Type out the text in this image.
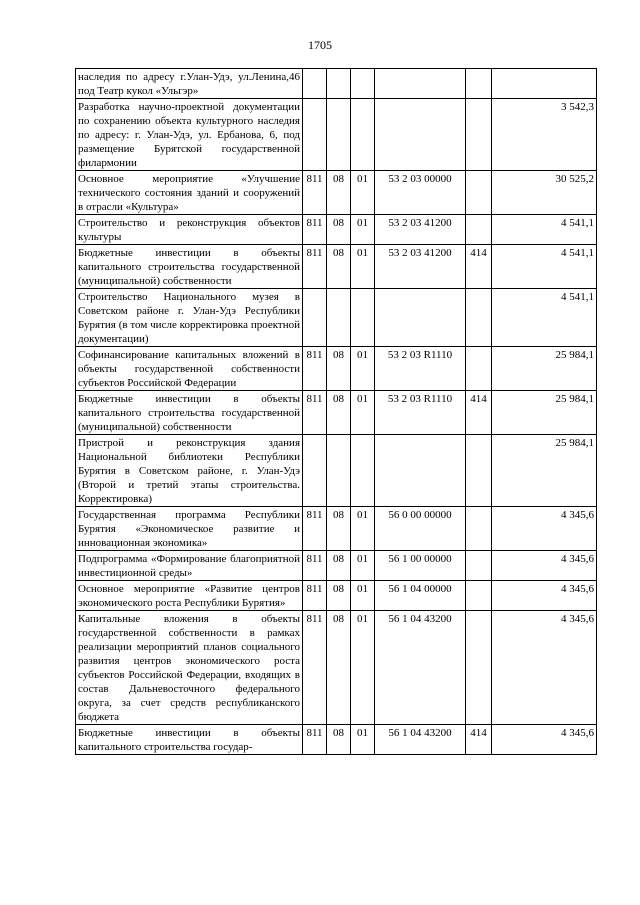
1705
наследия по адресу г.Улан-Удэ, ул.Ленина,46 под Театр кукол «Ульгэр»						
Разработка научно-проектной документации по сохранению объекта культурного наследия по адресу: г. Улан-Удэ, ул. Ербанова, 6, под размещение Бурятской государственной филармонии						3 542,3
Основное мероприятие «Улучшение технического состояния зданий и сооружений в отрасли «Культура»	811	08	01	53 2 03 00000		30 525,2
Строительство и реконструкция объектов культуры	811	08	01	53 2 03 41200		4 541,1
Бюджетные инвестиции в объекты капитального строительства государственной (муниципальной) собственности	811	08	01	53 2 03 41200	414	4 541,1
Строительство Национального музея в Советском районе г. Улан-Удэ Республики Бурятия (в том числе корректировка проектной документации)						4 541,1
Софинансирование капитальных вложений в объекты государственной собственности субъектов Российской Федерации	811	08	01	53 2 03 R1110		25 984,1
Бюджетные инвестиции в объекты капитального строительства государственной (муниципальной) собственности	811	08	01	53 2 03 R1110	414	25 984,1
Пристрой и реконструкция здания Национальной библиотеки Республики Бурятия в Советском районе, г. Улан-Удэ (Второй и третий этапы строительства. Корректировка)						25 984,1
Государственная программа Республики Бурятия «Экономическое развитие и инновационная экономика»	811	08	01	56 0 00 00000		4 345,6
Подпрограмма «Формирование благоприятной инвестиционной среды»	811	08	01	56 1 00 00000		4 345,6
Основное мероприятие «Развитие центров экономического роста Республики Бурятия»	811	08	01	56 1 04 00000		4 345,6
Капитальные вложения в объекты государственной собственности в рамках реализации мероприятий планов социального развития центров экономического роста субъектов Российской Федерации, входящих в состав Дальневосточного федерального округа, за счет средств республиканского бюджета	811	08	01	56 1 04 43200		4 345,6
Бюджетные инвестиции в объекты капитального строительства государ-	811	08	01	56 1 04 43200	414	4 345,6
